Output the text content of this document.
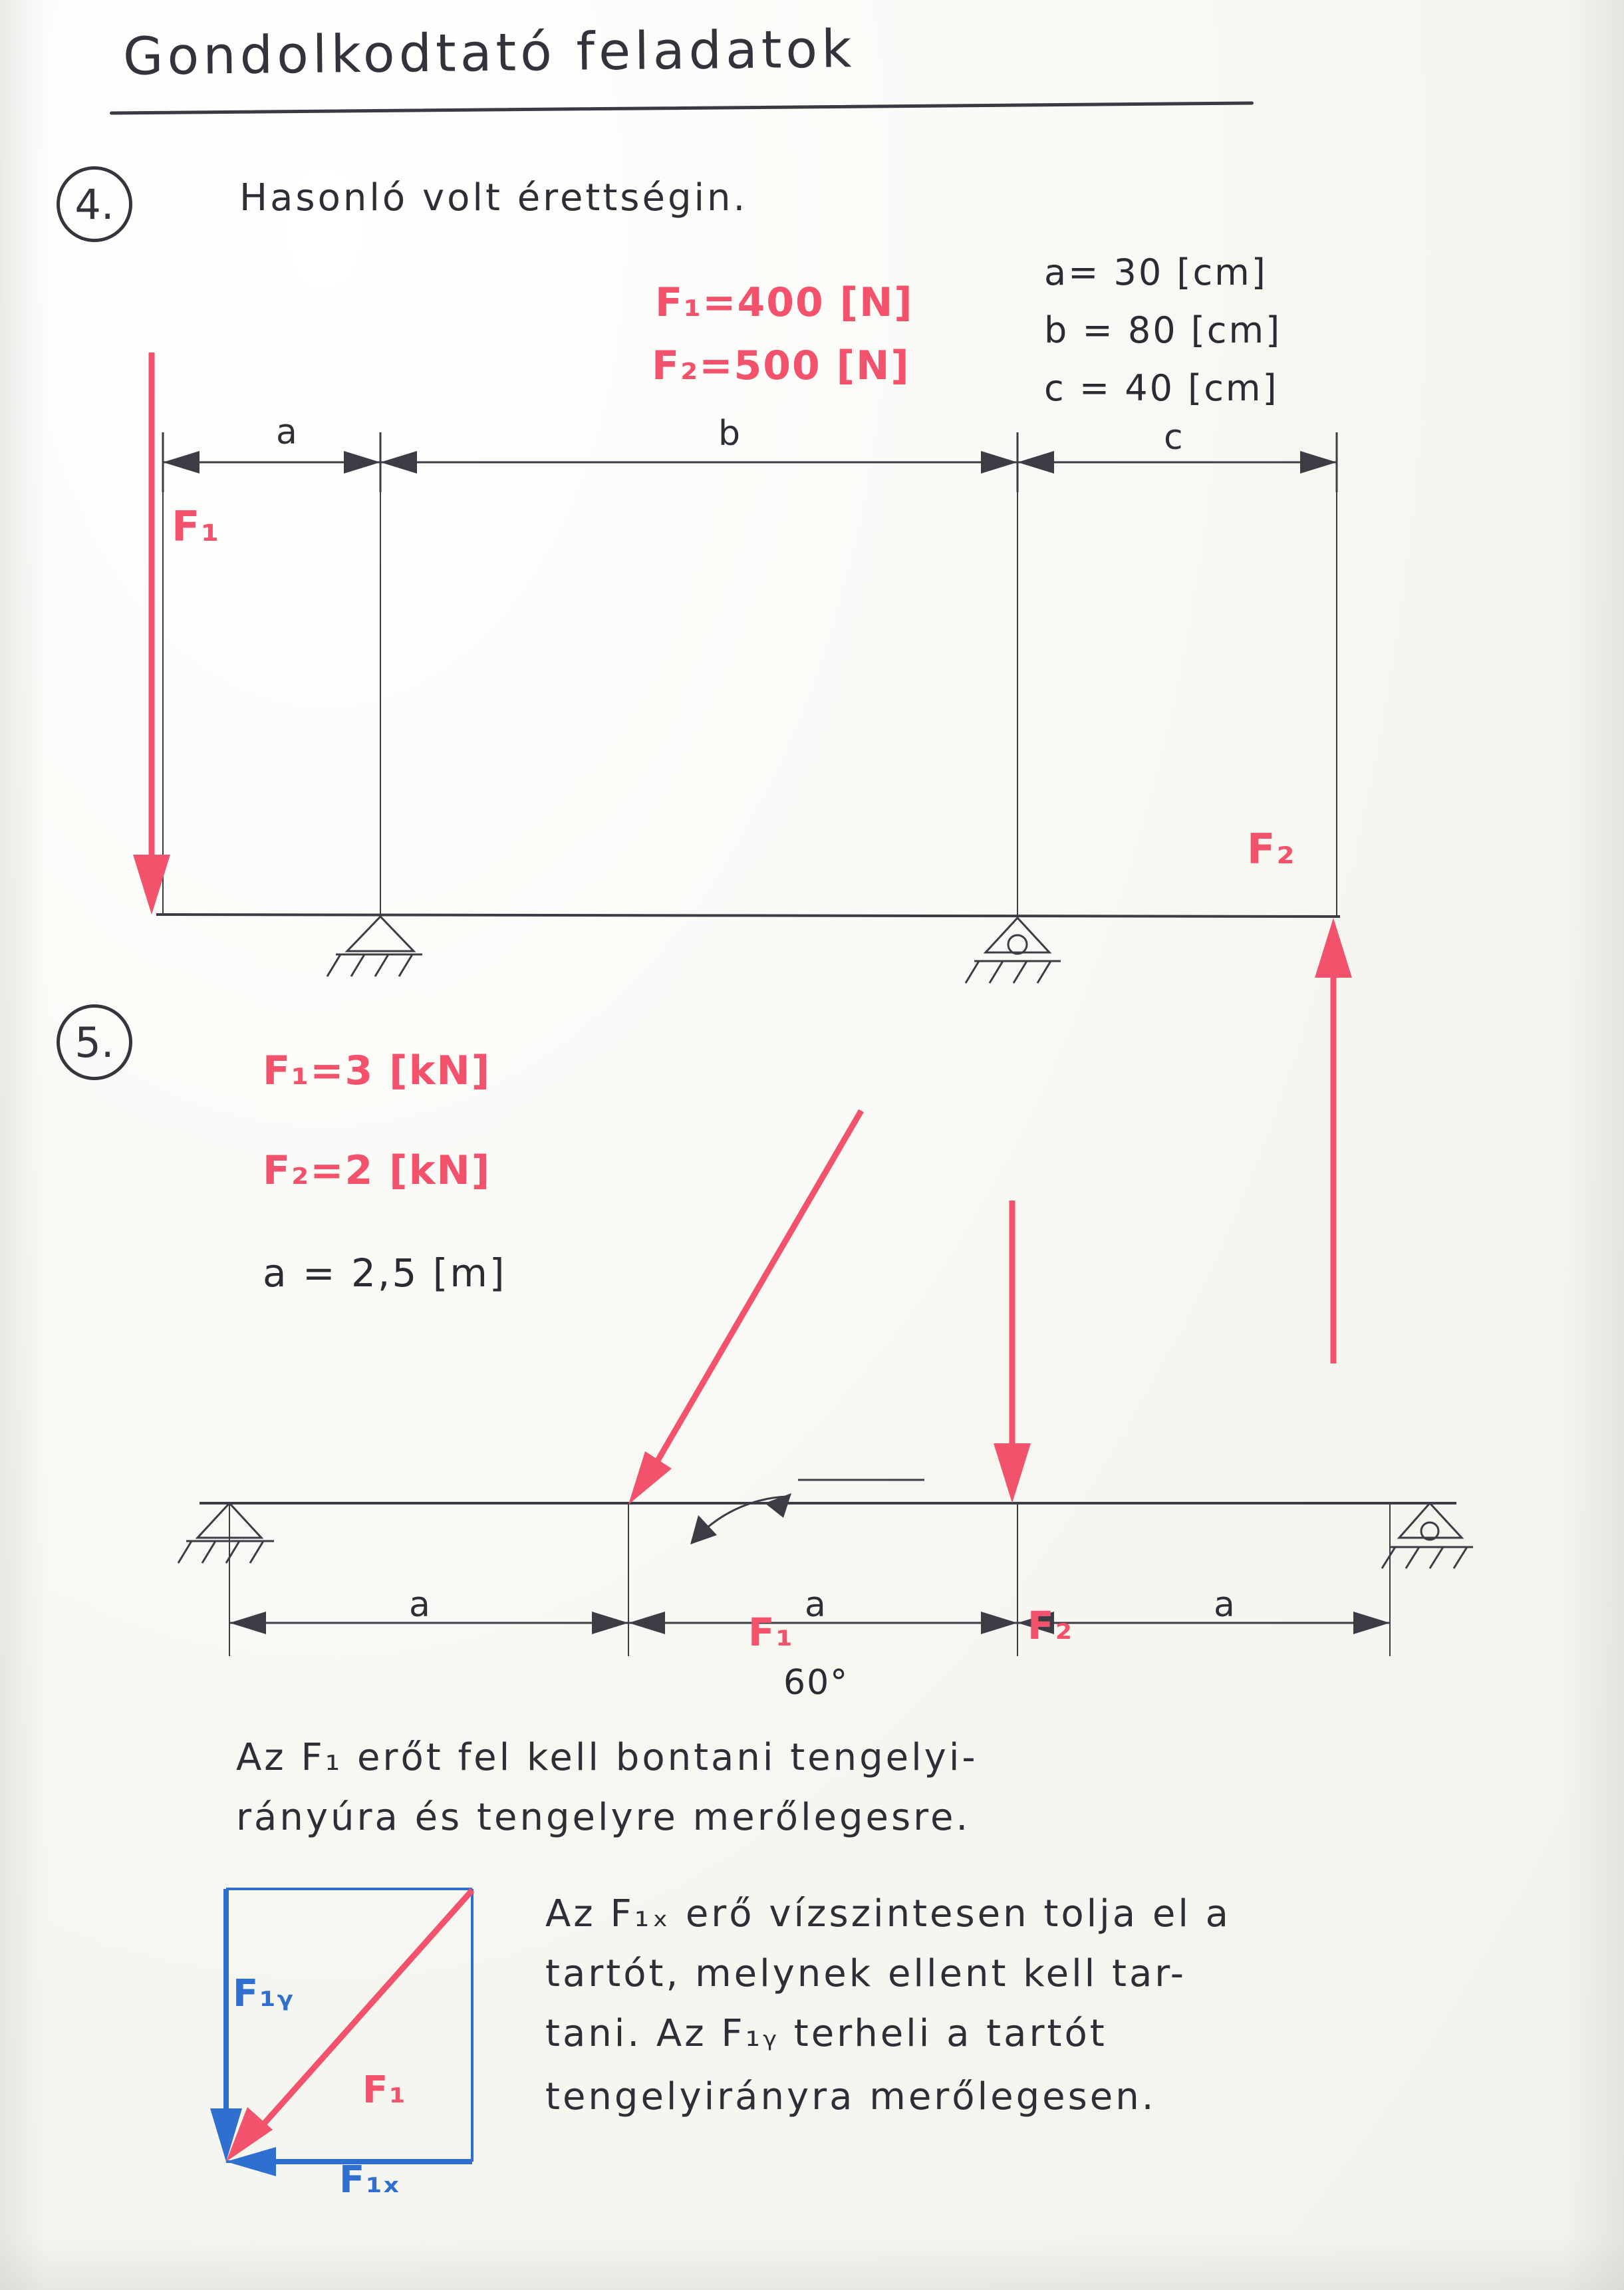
Gondolkodtató feladatok
4.	Hasonló volt érettségin.
F₁=400 [N]
F₂=500 [N]
a= 30 [cm]
b = 80 [cm]
c = 40 [cm]
a	b	c
F₁
F₂
5.
F₁=3 [kN]
F₂=2 [kN]
a = 2,5 [m]
F₁	F₂
60°
a	a	a
Az F₁ erőt fel kell bontani tengelyi-
rányúra és tengelyre merőlegesre.
Az F₁ₓ erő vízszintesen tolja el a
tartót, melynek ellent kell tar-
tani. Az F₁ᵧ terheli a tartót
tengelyirányra merőlegesen.
F₁ᵧ
F₁
F₁ₓ
